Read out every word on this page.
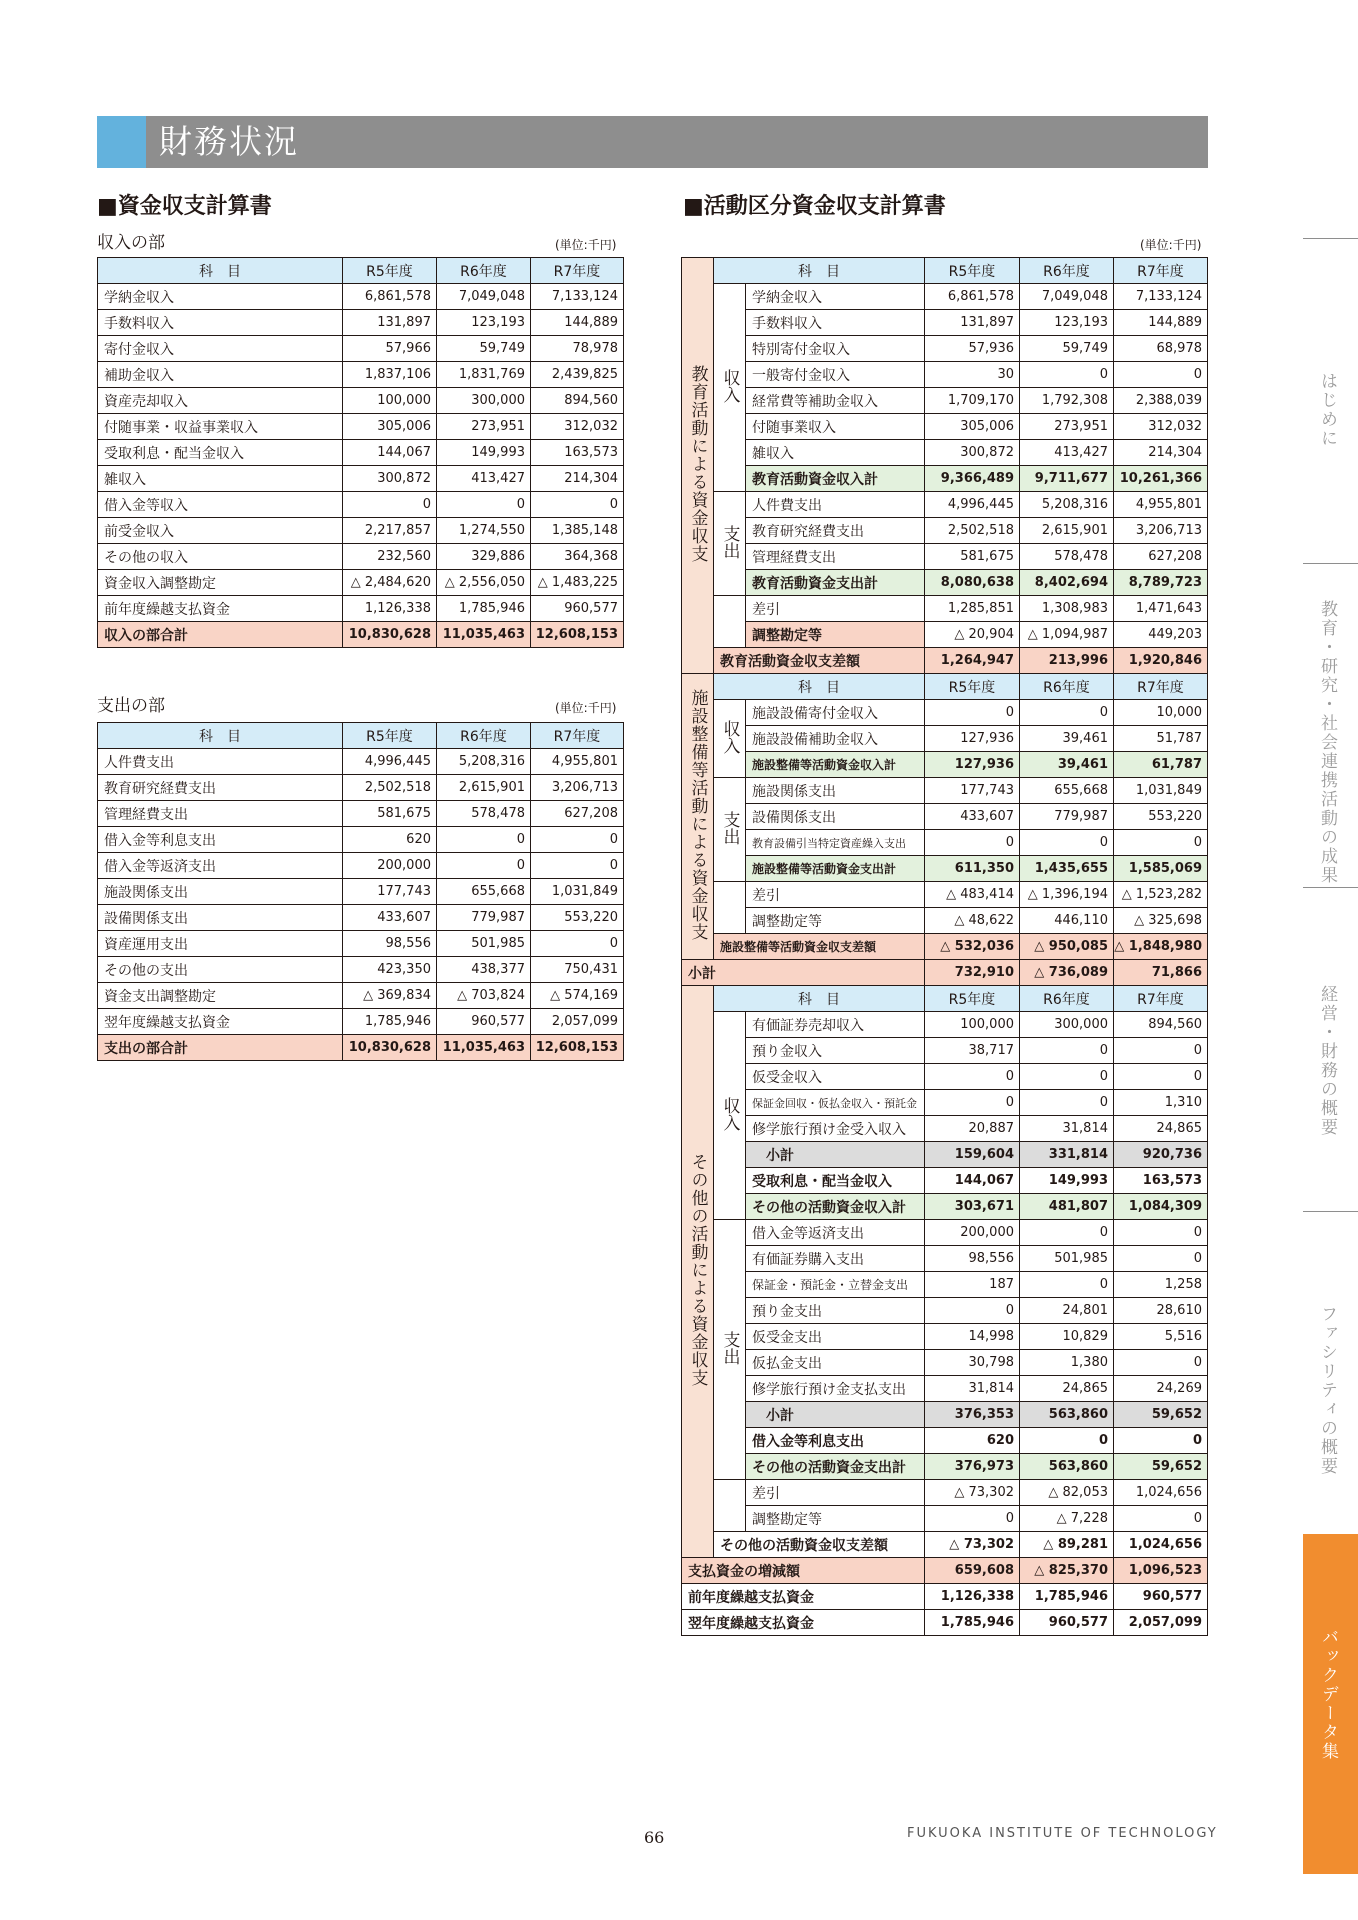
財務状況
■資金収支計算書
収入の部	(単位:千円)
科　目	R5年度	R6年度	R7年度
学納金収入	6,861,578	7,049,048	7,133,124
手数料収入	131,897	123,193	144,889
寄付金収入	57,966	59,749	78,978
補助金収入	1,837,106	1,831,769	2,439,825
資産売却収入	100,000	300,000	894,560
付随事業・収益事業収入	305,006	273,951	312,032
受取利息・配当金収入	144,067	149,993	163,573
雑収入	300,872	413,427	214,304
借入金等収入	0	0	0
前受金収入	2,217,857	1,274,550	1,385,148
その他の収入	232,560	329,886	364,368
資金収入調整勘定	△ 2,484,620	△ 2,556,050	△ 1,483,225
前年度繰越支払資金	1,126,338	1,785,946	960,577
収入の部合計	10,830,628	11,035,463	12,608,153
支出の部	(単位:千円)
科　目	R5年度	R6年度	R7年度
人件費支出	4,996,445	5,208,316	4,955,801
教育研究経費支出	2,502,518	2,615,901	3,206,713
管理経費支出	581,675	578,478	627,208
借入金等利息支出	620	0	0
借入金等返済支出	200,000	0	0
施設関係支出	177,743	655,668	1,031,849
設備関係支出	433,607	779,987	553,220
資産運用支出	98,556	501,985	0
その他の支出	423,350	438,377	750,431
資金支出調整勘定	△ 369,834	△ 703,824	△ 574,169
翌年度繰越支払資金	1,785,946	960,577	2,057,099
支出の部合計	10,830,628	11,035,463	12,608,153
■活動区分資金収支計算書
(単位:千円)
教育活動による資金収支	科　目		R5年度	R6年度	R7年度
	収入	学納金収入	6,861,578	7,049,048	7,133,124
		手数料収入	131,897	123,193	144,889
		特別寄付金収入	57,936	59,749	68,978
		一般寄付金収入	30	0	0
		経常費等補助金収入	1,709,170	1,792,308	2,388,039
		付随事業収入	305,006	273,951	312,032
		雑収入	300,872	413,427	214,304
		教育活動資金収入計	9,366,489	9,711,677	10,261,366
	支出	人件費支出	4,996,445	5,208,316	4,955,801
		教育研究経費支出	2,502,518	2,615,901	3,206,713
		管理経費支出	581,675	578,478	627,208
		教育活動資金支出計	8,080,638	8,402,694	8,789,723
		差引	1,285,851	1,308,983	1,471,643
		調整勘定等	△ 20,904	△ 1,094,987	449,203
	教育活動資金収支差額		1,264,947	213,996	1,920,846
施設整備等活動による資金収支	科　目		R5年度	R6年度	R7年度
	収入	施設設備寄付金収入	0	0	10,000
		施設設備補助金収入	127,936	39,461	51,787
		施設整備等活動資金収入計	127,936	39,461	61,787
	支出	施設関係支出	177,743	655,668	1,031,849
		設備関係支出	433,607	779,987	553,220
		教育設備引当特定資産繰入支出	0	0	0
		施設整備等活動資金支出計	611,350	1,435,655	1,585,069
		差引	△ 483,414	△ 1,396,194	△ 1,523,282
		調整勘定等	△ 48,622	446,110	△ 325,698
	施設整備等活動資金収支差額		△ 532,036	△ 950,085	△ 1,848,980
小計			732,910	△ 736,089	71,866
その他の活動による資金収支	科　目		R5年度	R6年度	R7年度
	収入	有価証券売却収入	100,000	300,000	894,560
		預り金収入	38,717	0	0
		仮受金収入	0	0	0
		保証金回収・仮払金収入・預託金	0	0	1,310
		修学旅行預け金受入収入	20,887	31,814	24,865
		小計	159,604	331,814	920,736
		受取利息・配当金収入	144,067	149,993	163,573
		その他の活動資金収入計	303,671	481,807	1,084,309
	支出	借入金等返済支出	200,000	0	0
		有価証券購入支出	98,556	501,985	0
		保証金・預託金・立替金支出	187	0	1,258
		預り金支出	0	24,801	28,610
		仮受金支出	14,998	10,829	5,516
		仮払金支出	30,798	1,380	0
		修学旅行預け金支払支出	31,814	24,865	24,269
		小計	376,353	563,860	59,652
		借入金等利息支出	620	0	0
		その他の活動資金支出計	376,973	563,860	59,652
		差引	△ 73,302	△ 82,053	1,024,656
		調整勘定等	0	△ 7,228	0
	その他の活動資金収支差額		△ 73,302	△ 89,281	1,024,656
支払資金の増減額			659,608	△ 825,370	1,096,523
前年度繰越支払資金			1,126,338	1,785,946	960,577
翌年度繰越支払資金			1,785,946	960,577	2,057,099
はじめに
教育・研究・社会連携活動の成果
経営・財務の概要
ファシリティの概要
バックデータ集
66	FUKUOKA INSTITUTE OF TECHNOLOGY
